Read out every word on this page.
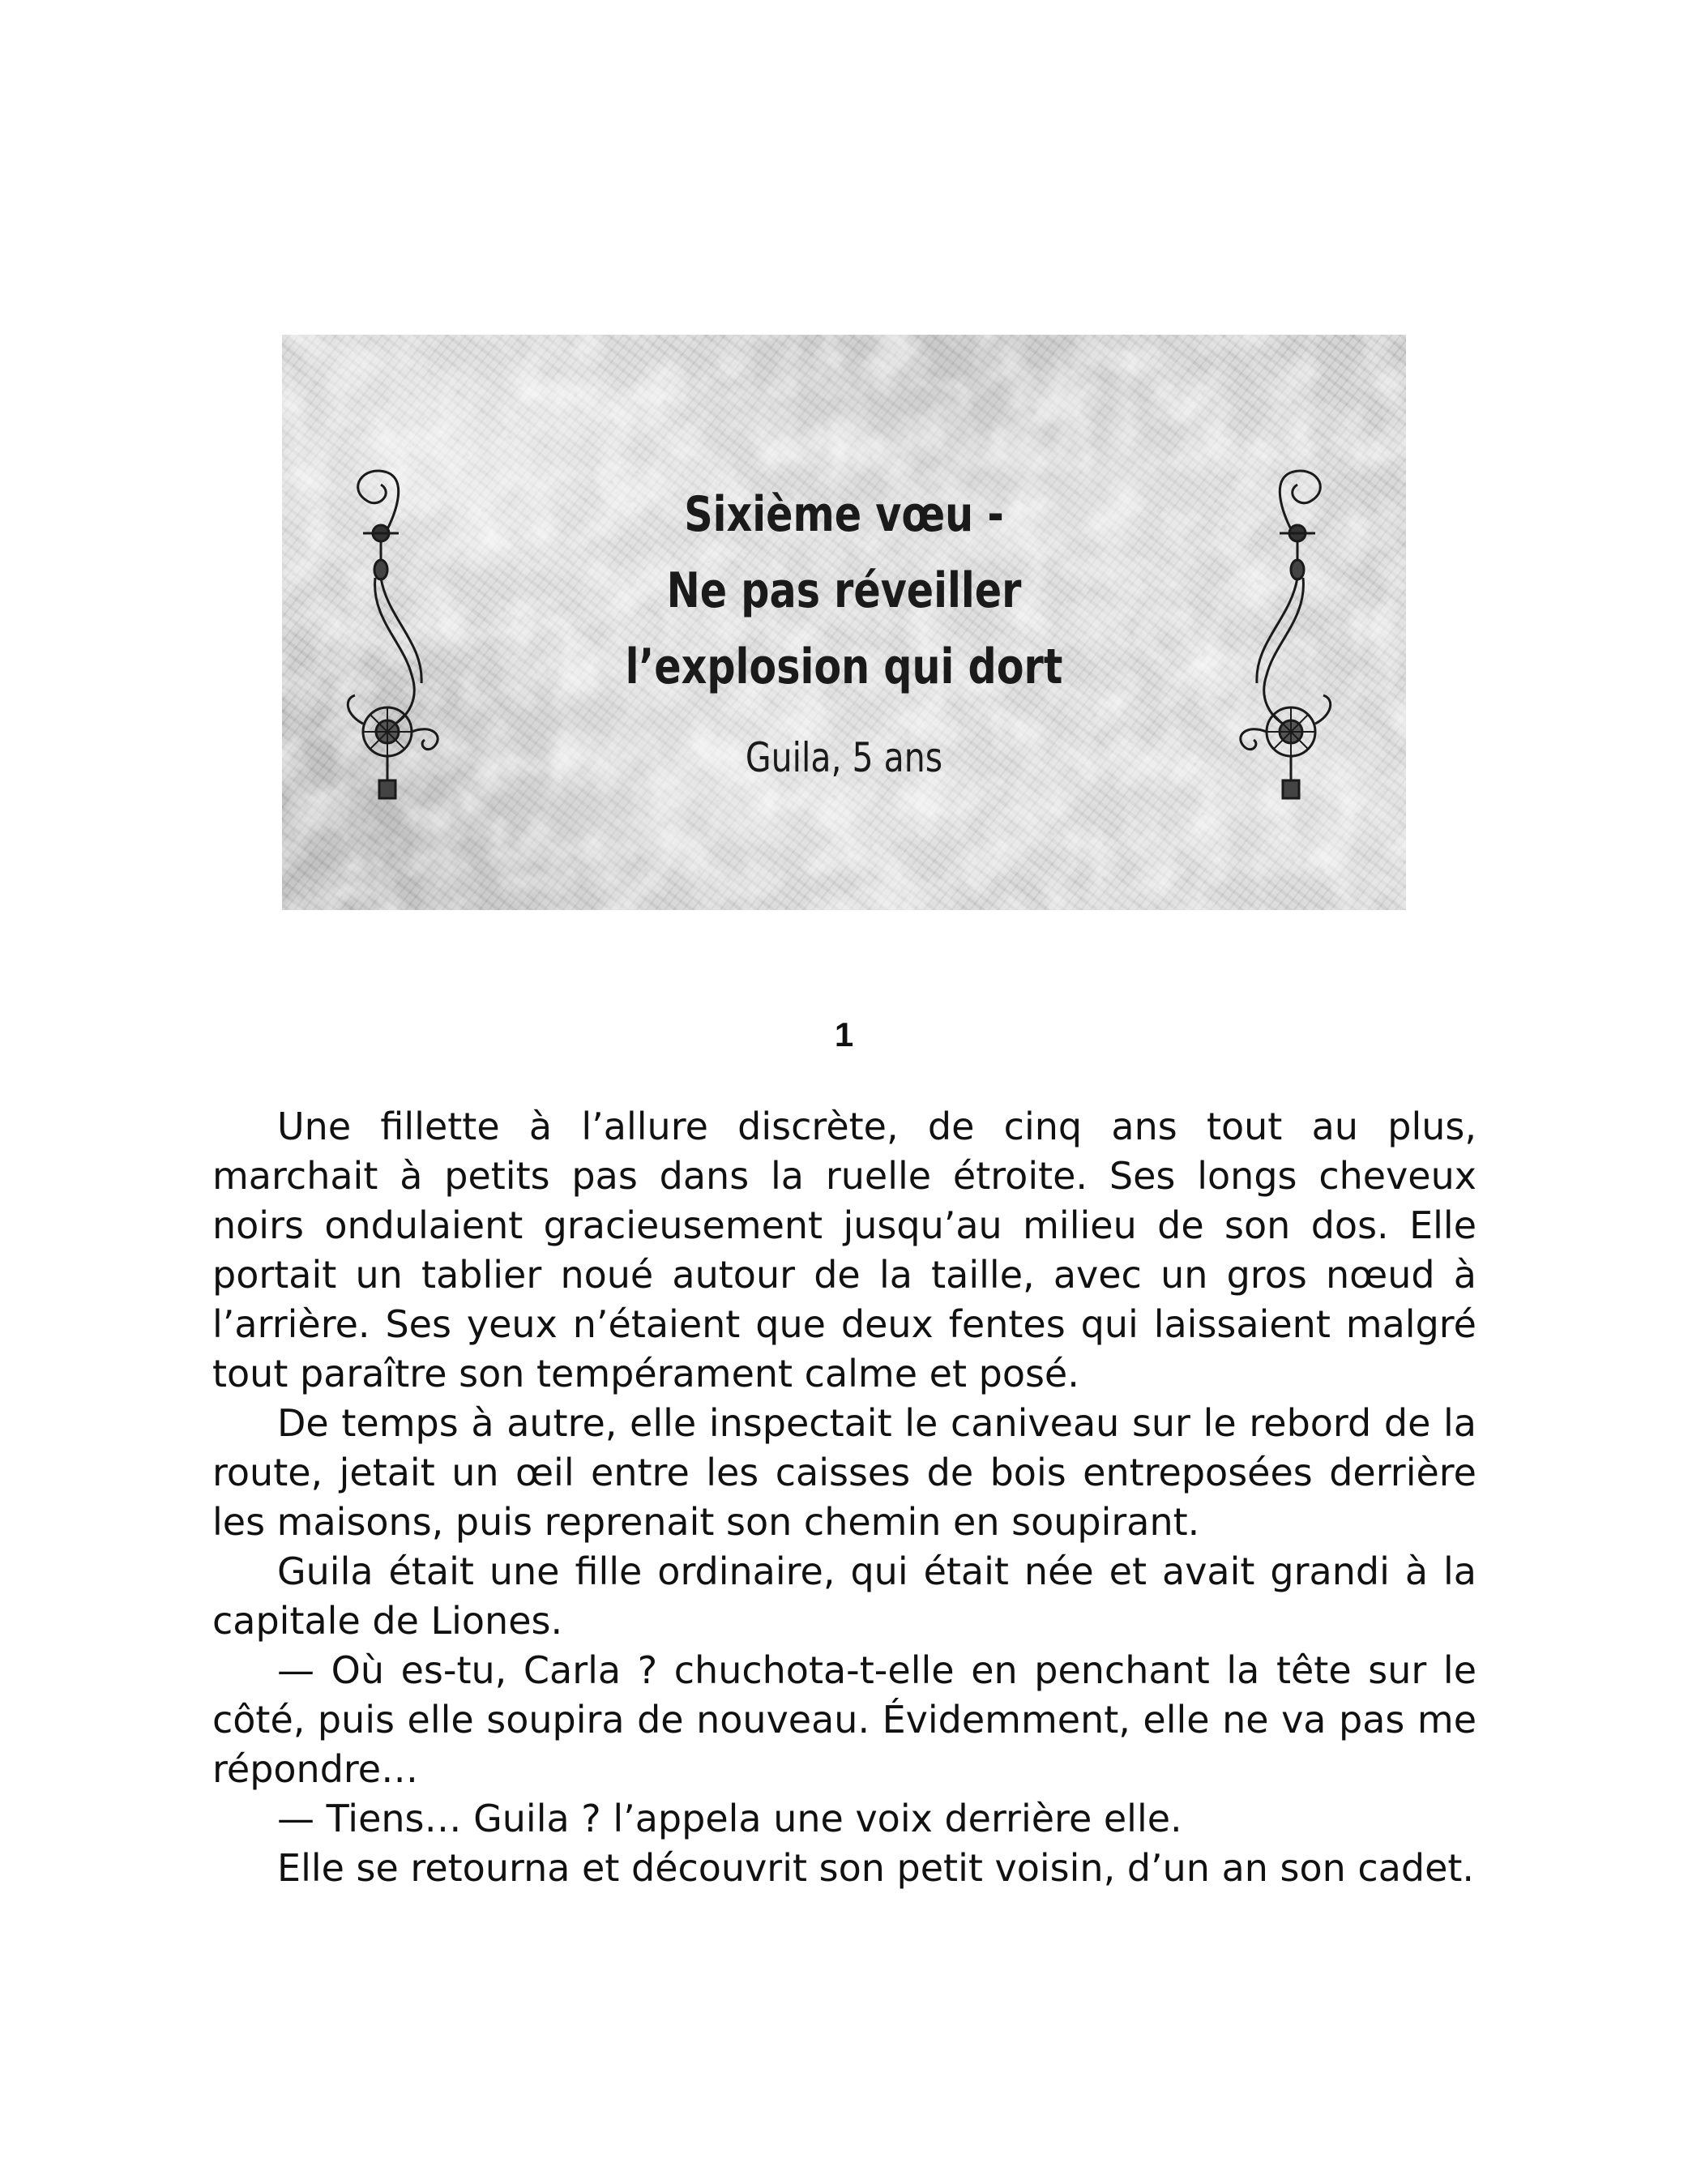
Sixième vœu -
Ne pas réveiller
l’explosion qui dort
Guila, 5 ans
1

Une fillette à l’allure discrète, de cinq ans tout au plus, marchait à petits pas dans la ruelle étroite. Ses longs cheveux noirs ondulaient gracieusement jusqu’au milieu de son dos. Elle portait un tablier noué autour de la taille, avec un gros nœud à l’arrière. Ses yeux n’étaient que deux fentes qui laissaient malgré tout paraître son tempérament calme et posé.

De temps à autre, elle inspectait le caniveau sur le rebord de la route, jetait un œil entre les caisses de bois entreposées derrière les maisons, puis reprenait son chemin en soupirant.

Guila était une fille ordinaire, qui était née et avait grandi à la capitale de Liones.

— Où es-tu, Carla ? chuchota-t-elle en penchant la tête sur le côté, puis elle soupira de nouveau. Évidemment, elle ne va pas me répondre…

— Tiens… Guila ? l’appela une voix derrière elle.

Elle se retourna et découvrit son petit voisin, d’un an son cadet.
